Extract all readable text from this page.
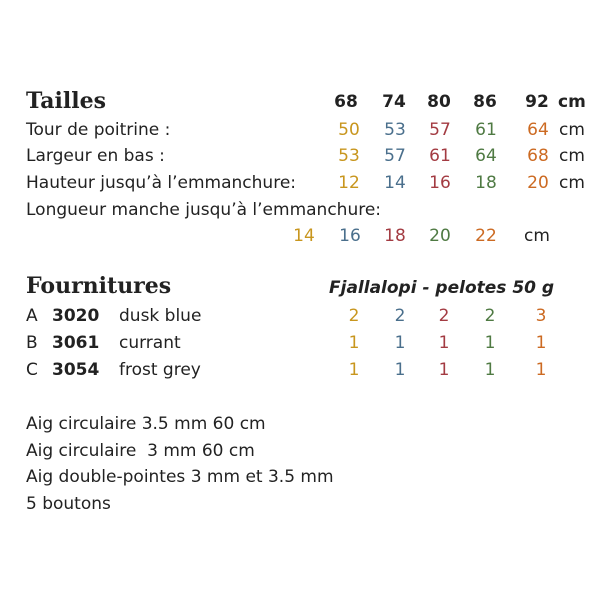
Tailles	68	74	80	86	92 cm
Tour de poitrine :	50	53	57	61	64 cm
Largeur en bas :	53	57	61	64	68 cm
Hauteur jusqu’à l’emmanchure:	12	14	16	18	20 cm
Longueur manche jusqu’à l’emmanchure:
14	16	18	20	22	cm
Fournitures	Fjallalopi - pelotes 50 g
A 3020 dusk blue	2	2	2	2	3
B 3061 currant	1	1	1	1	1
C 3054 frost grey	1	1	1	1	1
Aig circulaire 3.5 mm 60 cm
Aig circulaire  3 mm 60 cm
Aig double-pointes 3 mm et 3.5 mm
5 boutons
